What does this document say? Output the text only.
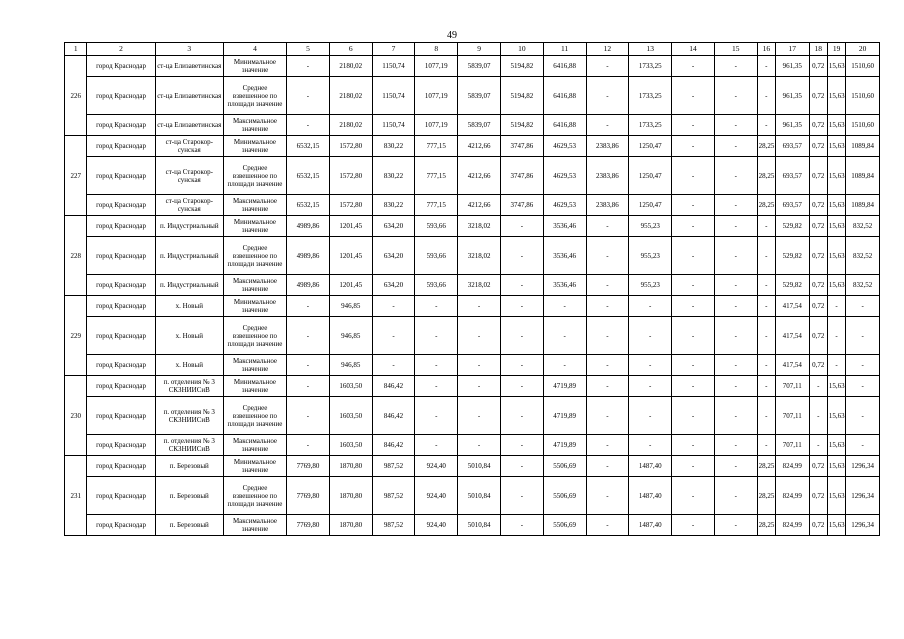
49
1	2	3	4	5	6	7	8	9	10	11	12	13	14	15	16	17	18	19	20
226	город Краснодар	ст-ца Елизаветинская	Минимальное значение	-	2180,02	1150,74	1077,19	5839,07	5194,82	6416,88	-	1733,25	-	-	-	961,35	0,72	15,63	1510,60
	город Краснодар	ст-ца Елизаветинская	Среднее взвешенное по площади значение	-	2180,02	1150,74	1077,19	5839,07	5194,82	6416,88	-	1733,25	-	-	-	961,35	0,72	15,63	1510,60
	город Краснодар	ст-ца Елизаветинская	Максимальное значение	-	2180,02	1150,74	1077,19	5839,07	5194,82	6416,88	-	1733,25	-	-	-	961,35	0,72	15,63	1510,60
227	город Краснодар	ст-ца Старокор-сунская	Минимальное значение	6532,15	1572,80	830,22	777,15	4212,66	3747,86	4629,53	2383,86	1250,47	-	-	28,25	693,57	0,72	15,63	1089,84
	город Краснодар	ст-ца Старокор-сунская	Среднее взвешенное по площади значение	6532,15	1572,80	830,22	777,15	4212,66	3747,86	4629,53	2383,86	1250,47	-	-	28,25	693,57	0,72	15,63	1089,84
	город Краснодар	ст-ца Старокор-сунская	Максимальное значение	6532,15	1572,80	830,22	777,15	4212,66	3747,86	4629,53	2383,86	1250,47	-	-	28,25	693,57	0,72	15,63	1089,84
228	город Краснодар	п. Индустриальный	Минимальное значение	4989,86	1201,45	634,20	593,66	3218,02	-	3536,46	-	955,23	-	-	-	529,82	0,72	15,63	832,52
	город Краснодар	п. Индустриальный	Среднее взвешенное по площади значение	4989,86	1201,45	634,20	593,66	3218,02	-	3536,46	-	955,23	-	-	-	529,82	0,72	15,63	832,52
	город Краснодар	п. Индустриальный	Максимальное значение	4989,86	1201,45	634,20	593,66	3218,02	-	3536,46	-	955,23	-	-	-	529,82	0,72	15,63	832,52
229	город Краснодар	х. Новый	Минимальное значение	-	946,85	-	-	-	-	-	-	-	-	-	-	417,54	0,72	-	-
	город Краснодар	х. Новый	Среднее взвешенное по площади значение	-	946,85	-	-	-	-	-	-	-	-	-	-	417,54	0,72	-	-
	город Краснодар	х. Новый	Максимальное значение	-	946,85	-	-	-	-	-	-	-	-	-	-	417,54	0,72	-	-
230	город Краснодар	п. отделения № 3 СКЗНИИСиВ	Минимальное значение	-	1603,50	846,42	-	-	-	4719,89	-	-	-	-	-	707,11	-	15,63	-
	город Краснодар	п. отделения № 3 СКЗНИИСиВ	Среднее взвешенное по площади значение	-	1603,50	846,42	-	-	-	4719,89	-	-	-	-	-	707,11	-	15,63	-
	город Краснодар	п. отделения № 3 СКЗНИИСиВ	Максимальное значение	-	1603,50	846,42	-	-	-	4719,89	-	-	-	-	-	707,11	-	15,63	-
231	город Краснодар	п. Березовый	Минимальное значение	7769,80	1870,80	987,52	924,40	5010,84	-	5506,69	-	1487,40	-	-	28,25	824,99	0,72	15,63	1296,34
	город Краснодар	п. Березовый	Среднее взвешенное по площади значение	7769,80	1870,80	987,52	924,40	5010,84	-	5506,69	-	1487,40	-	-	28,25	824,99	0,72	15,63	1296,34
	город Краснодар	п. Березовый	Максимальное значение	7769,80	1870,80	987,52	924,40	5010,84	-	5506,69	-	1487,40	-	-	28,25	824,99	0,72	15,63	1296,34
